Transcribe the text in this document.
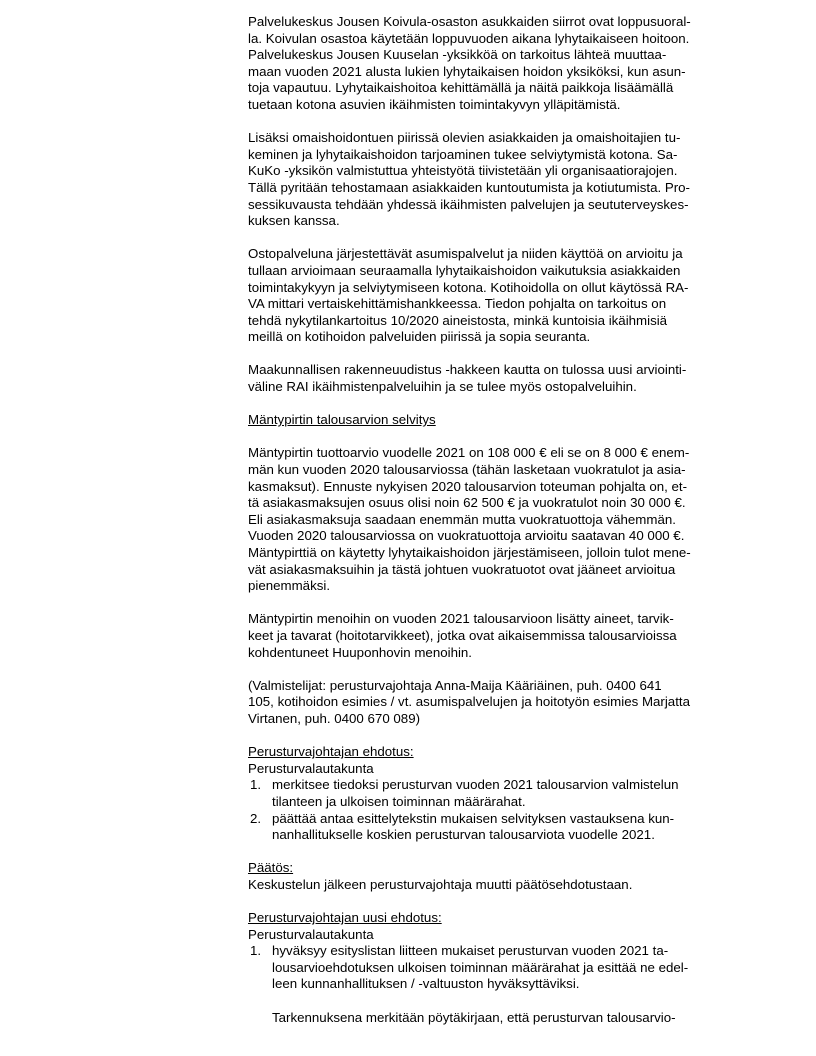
Palvelukeskus Jousen Koivula-osaston asukkaiden siirrot ovat loppusuoral-
la. Koivulan osastoa käytetään loppuvuoden aikana lyhytaikaiseen hoitoon.
Palvelukeskus Jousen Kuuselan -yksikköä on tarkoitus lähteä muuttaa-
maan vuoden 2021 alusta lukien lyhytaikaisen hoidon yksiköksi, kun asun-
toja vapautuu. Lyhytaikaishoitoa kehittämällä ja näitä paikkoja lisäämällä
tuetaan kotona asuvien ikäihmisten toimintakyvyn ylläpitämistä.
Lisäksi omaishoidontuen piirissä olevien asiakkaiden ja omaishoitajien tu-
keminen ja lyhytaikaishoidon tarjoaminen tukee selviytymistä kotona. Sa-
KuKo -yksikön valmistuttua yhteistyötä tiivistetään yli organisaatiorajojen.
Tällä pyritään tehostamaan asiakkaiden kuntoutumista ja kotiutumista. Pro-
sessikuvausta tehdään yhdessä ikäihmisten palvelujen ja seututerveyskes-
kuksen kanssa.
Ostopalveluna järjestettävät asumispalvelut ja niiden käyttöä on arvioitu ja
tullaan arvioimaan seuraamalla lyhytaikaishoidon vaikutuksia asiakkaiden
toimintakykyyn ja selviytymiseen kotona. Kotihoidolla on ollut käytössä RA-
VA mittari vertaiskehittämishankkeessa. Tiedon pohjalta on tarkoitus on
tehdä nykytilankartoitus 10/2020 aineistosta, minkä kuntoisia ikäihmisiä
meillä on kotihoidon palveluiden piirissä ja sopia seuranta.
Maakunnallisen rakenneuudistus -hakkeen kautta on tulossa uusi arviointi-
väline RAI ikäihmistenpalveluihin ja se tulee myös ostopalveluihin.
Mäntypirtin talousarvion selvitys
Mäntypirtin tuottoarvio vuodelle 2021 on 108 000 € eli se on 8 000 € enem-
män kun vuoden 2020 talousarviossa (tähän lasketaan vuokratulot ja asia-
kasmaksut). Ennuste nykyisen 2020 talousarvion toteuman pohjalta on, et-
tä asiakasmaksujen osuus olisi noin 62 500 € ja vuokratulot noin 30 000 €.
Eli asiakasmaksuja saadaan enemmän mutta vuokratuottoja vähemmän.
Vuoden 2020 talousarviossa on vuokratuottoja arvioitu saatavan 40 000 €.
Mäntypirttiä on käytetty lyhytaikaishoidon järjestämiseen, jolloin tulot mene-
vät asiakasmaksuihin ja tästä johtuen vuokratuotot ovat jääneet arvioitua
pienemmäksi.
Mäntypirtin menoihin on vuoden 2021 talousarvioon lisätty aineet, tarvik-
keet ja tavarat (hoitotarvikkeet), jotka ovat aikaisemmissa talousarvioissa
kohdentuneet Huuponhovin menoihin.
(Valmistelijat: perusturvajohtaja Anna-Maija Kääriäinen, puh. 0400 641
105, kotihoidon esimies / vt. asumispalvelujen ja hoitotyön esimies Marjatta
Virtanen, puh. 0400 670 089)
Perusturvajohtajan ehdotus:
Perusturvalautakunta
1. merkitsee tiedoksi perusturvan vuoden 2021 talousarvion valmistelun
tilanteen ja ulkoisen toiminnan määrärahat.
2. päättää antaa esittelytekstin mukaisen selvityksen vastauksena kun-
nanhallitukselle koskien perusturvan talousarviota vuodelle 2021.
Päätös:
Keskustelun jälkeen perusturvajohtaja muutti päätösehdotustaan.
Perusturvajohtajan uusi ehdotus:
Perusturvalautakunta
1. hyväksyy esityslistan liitteen mukaiset perusturvan vuoden 2021 ta-
lousarvioehdotuksen ulkoisen toiminnan määrärahat ja esittää ne edel-
leen kunnanhallituksen / -valtuuston hyväksyttäviksi.
Tarkennuksena merkitään pöytäkirjaan, että perusturvan talousarvio-
